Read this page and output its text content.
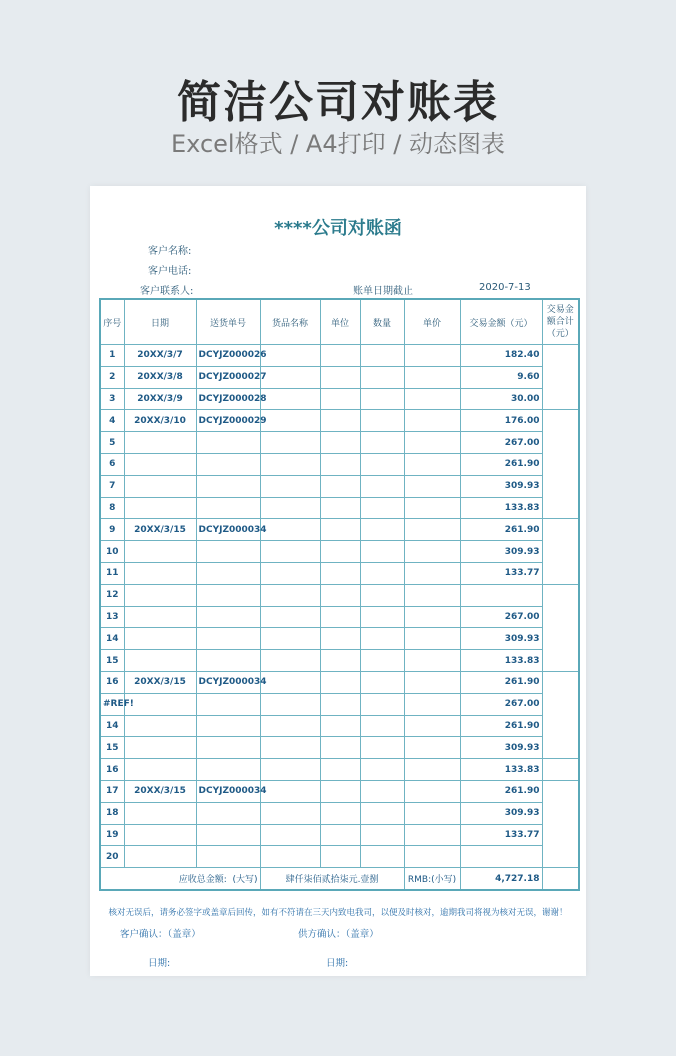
简洁公司对账表
Excel格式 / A4打印 / 动态图表
****公司对账函
客户名称:
客户电话:
客户联系人:	账单日期截止	2020-7-13
序号	日期	送货单号	货品名称	单位	数量	单价	交易金额（元）	交易金额合计（元）
1	20XX/3/7	DCYJZ000026					182.40	
2	20XX/3/8	DCYJZ000027					9.60	
3	20XX/3/9	DCYJZ000028					30.00	
4	20XX/3/10	DCYJZ000029					176.00	
5							267.00	
6							261.90	
7							309.93	
8							133.83	
9	20XX/3/15	DCYJZ000034					261.90	
10							309.93	
11							133.77	
12								
13							267.00	
14							309.93	
15							133.83	
16	20XX/3/15	DCYJZ000034					261.90	
#REF!							267.00	
14							261.90	
15							309.93	
16							133.83	
17	20XX/3/15	DCYJZ000034					261.90	
18							309.93	
19							133.77	
20								
应收总金额: (大写)			肆仟柒佰贰拾柒元.壹捌			RMB:(小写)	4,727.18	
核对无误后，请务必签字或盖章后回传，如有不符请在三天内致电我司，以便及时核对，逾期我司将视为核对无误，谢谢！
客户确认：（盖章）	供方确认：（盖章）
日期:	日期:
